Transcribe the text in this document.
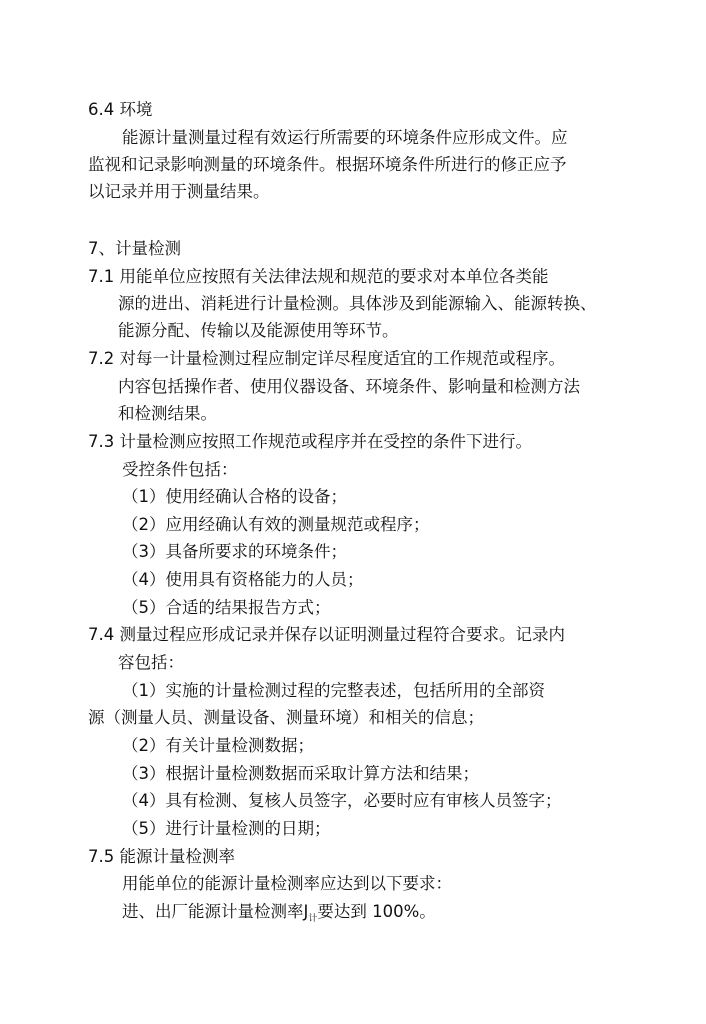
6.4 环境
能源计量测量过程有效运行所需要的环境条件应形成文件。应
监视和记录影响测量的环境条件。根据环境条件所进行的修正应予
以记录并用于测量结果。
7、计量检测
7.1 用能单位应按照有关法律法规和规范的要求对本单位各类能
源的进出、消耗进行计量检测。具体涉及到能源输入、能源转换、
能源分配、传输以及能源使用等环节。
7.2 对每一计量检测过程应制定详尽程度适宜的工作规范或程序。
内容包括操作者、使用仪器设备、环境条件、影响量和检测方法
和检测结果。
7.3 计量检测应按照工作规范或程序并在受控的条件下进行。
受控条件包括：
（1）使用经确认合格的设备；
（2）应用经确认有效的测量规范或程序；
（3）具备所要求的环境条件；
（4）使用具有资格能力的人员；
（5）合适的结果报告方式；
7.4 测量过程应形成记录并保存以证明测量过程符合要求。记录内
容包括：
（1）实施的计量检测过程的完整表述，包括所用的全部资
源（测量人员、测量设备、测量环境）和相关的信息；
（2）有关计量检测数据；
（3）根据计量检测数据而采取计算方法和结果；
（4）具有检测、复核人员签字，必要时应有审核人员签字；
（5）进行计量检测的日期；
7.5 能源计量检测率
用能单位的能源计量检测率应达到以下要求：
进、出厂能源计量检测率$J_计$要达到 100%。
